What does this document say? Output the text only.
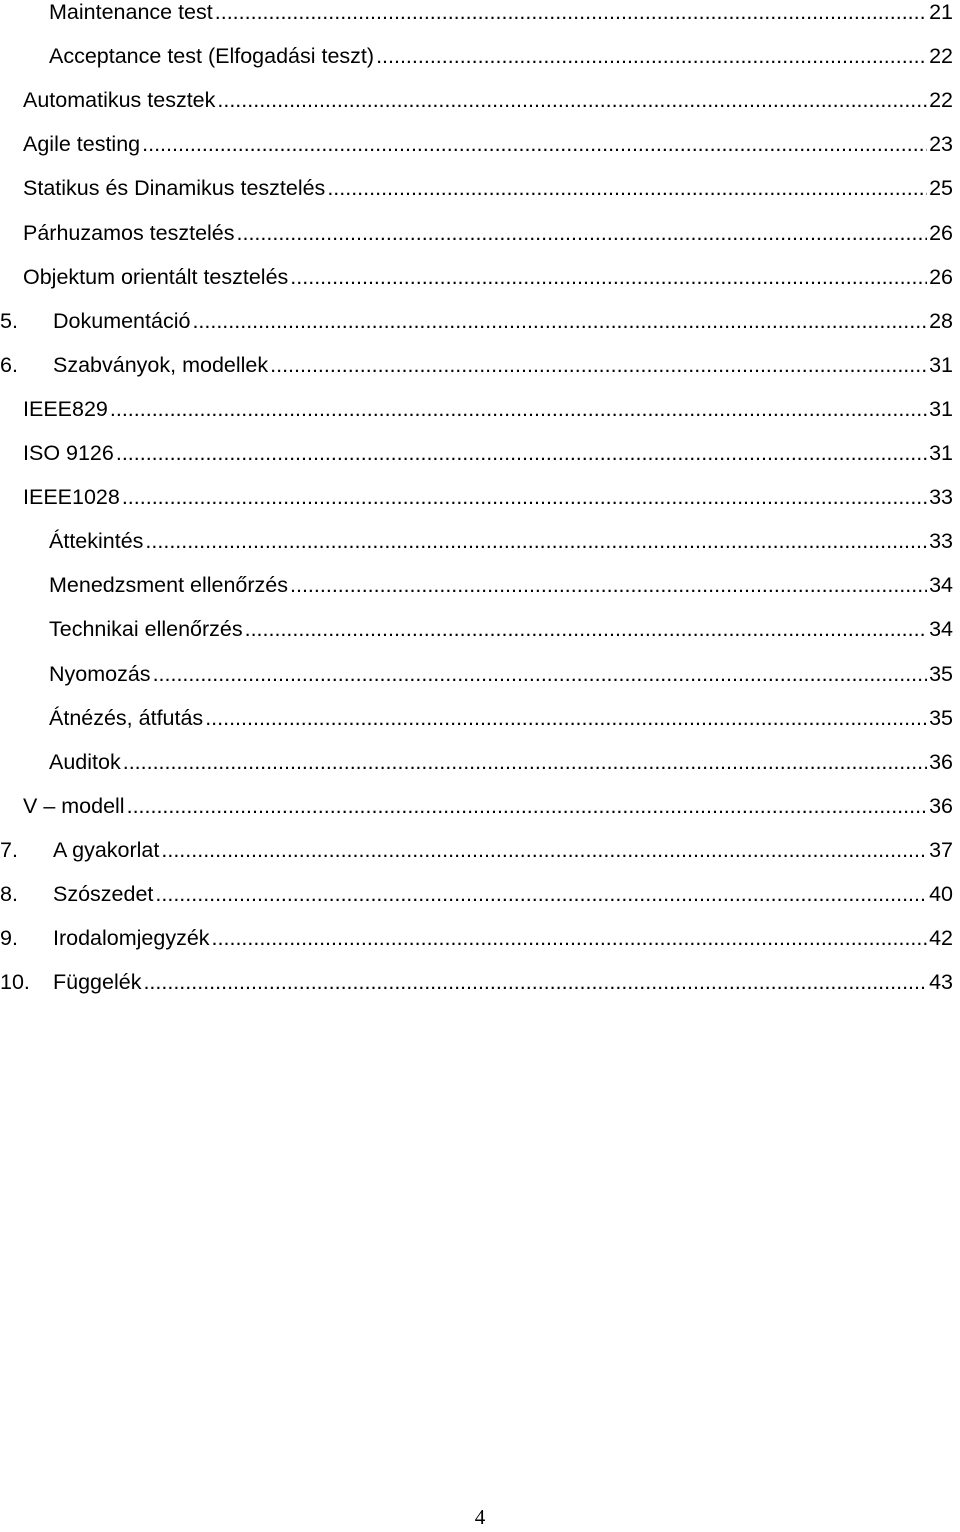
Maintenance test .....	21
Acceptance test (Elfogadási teszt) .....	22
Automatikus tesztek .....	22
Agile testing .....	23
Statikus és Dinamikus tesztelés .....	25
Párhuzamos tesztelés .....	26
Objektum orientált tesztelés .....	26
5.	Dokumentáció .....	28
6.	Szabványok, modellek .....	31
IEEE829 .....	31
ISO 9126 .....	31
IEEE1028 .....	33
Áttekintés .....	33
Menedzsment ellenőrzés .....	34
Technikai ellenőrzés .....	34
Nyomozás .....	35
Átnézés, átfutás .....	35
Auditok .....	36
V – modell .....	36
7.	A gyakorlat .....	37
8.	Szószedet .....	40
9.	Irodalomjegyzék .....	42
10.	Függelék .....	43
4
